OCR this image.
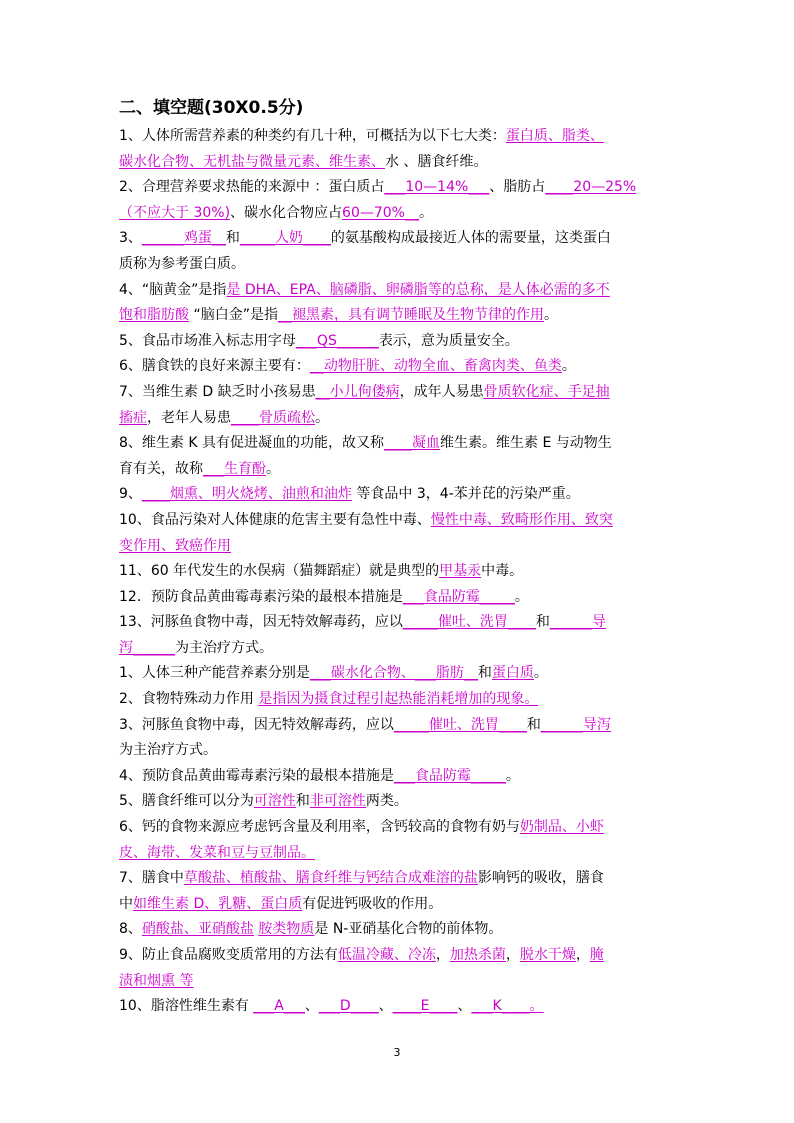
二、填空题(30X0.5分)
1、人体所需营养素的种类约有几十种，可概括为以下七大类：蛋白质、脂类、
碳水化合物、无机盐与微量元素、维生素、水 、膳食纤维。
2、合理营养要求热能的来源中 ：蛋白质占___10—14%___、脂肪占____20—25%
（不应大于 30%)、碳水化合物应占60—70%__。
3、______鸡蛋__和_____人奶____的氨基酸构成最接近人体的需要量，这类蛋白
质称为参考蛋白质。
4、“脑黄金”是指是 DHA、EPA、脑磷脂、卵磷脂等的总称，是人体必需的多不
饱和脂肪酸 “脑白金”是指__褪黑素，具有调节睡眠及生物节律的作用。
5、食品市场准入标志用字母___QS______表示，意为质量安全。
6、膳食铁的良好来源主要有：__动物肝脏、动物全血、畜禽肉类、鱼类。
7、当维生素 D 缺乏时小孩易患__小儿佝偻病，成年人易患骨质软化症、手足抽
搐症，老年人易患____骨质疏松。
8、维生素 K 具有促进凝血的功能，故又称____凝血维生素。维生素 E 与动物生
育有关，故称___生育酚。
9、____烟熏、明火烧烤、油煎和油炸 等食品中 3，4-苯并芘的污染严重。
10、食品污染对人体健康的危害主要有急性中毒、慢性中毒、致畸形作用、致突
变作用、致癌作用
11、60 年代发生的水俣病（猫舞蹈症）就是典型的甲基汞中毒。
12．预防食品黄曲霉毒素污染的最根本措施是___食品防霉_____。
13、河豚鱼食物中毒，因无特效解毒药，应以_____催吐、洗胃____和______导
泻______为主治疗方式。
1、人体三种产能营养素分别是___碳水化合物、___脂肪__和蛋白质。
2、食物特殊动力作用 是指因为摄食过程引起热能消耗增加的现象。
3、河豚鱼食物中毒，因无特效解毒药，应以_____催吐、洗胃____和______导泻
为主治疗方式。
4、预防食品黄曲霉毒素污染的最根本措施是___食品防霉_____。
5、膳食纤维可以分为可溶性和非可溶性两类。
6、钙的食物来源应考虑钙含量及利用率，含钙较高的食物有奶与奶制品、小虾
皮、海带、发菜和豆与豆制品。
7、膳食中草酸盐、植酸盐、膳食纤维与钙结合成难溶的盐影响钙的吸收，膳食
中如维生素 D、乳糖、蛋白质有促进钙吸收的作用。
8、硝酸盐、亚硝酸盐 胺类物质是 N-亚硝基化合物的前体物。
9、防止食品腐败变质常用的方法有低温冷藏、冷冻，加热杀菌，脱水干燥，腌
渍和烟熏 等
10、脂溶性维生素有 ___A___、___D____、____E____、___K____。
3
